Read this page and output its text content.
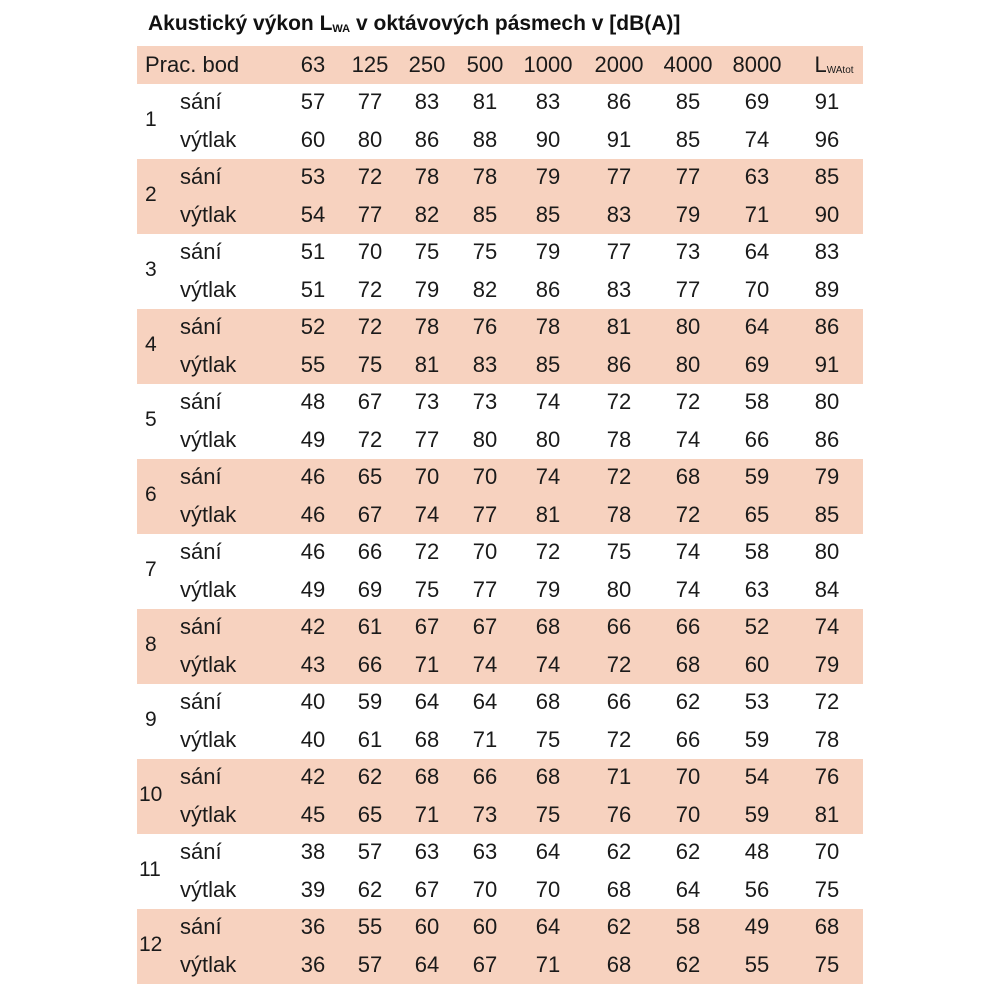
Akustický výkon LWA v oktávových pásmech v [dB(A)]
Prac. bod	63 125 250 500 1000 2000 4000 8000 LWAtot
1
sání	57 77 83 81 83 86 85 69 91
výtlak	60 80 86 88 90 91 85 74 96
2
sání	53 72 78 78 79 77 77 63 85
výtlak	54 77 82 85 85 83 79 71 90
3
sání	51 70 75 75 79 77 73 64 83
výtlak	51 72 79 82 86 83 77 70 89
4
sání	52 72 78 76 78 81 80 64 86
výtlak	55 75 81 83 85 86 80 69 91
5
sání	48 67 73 73 74 72 72 58 80
výtlak	49 72 77 80 80 78 74 66 86
6
sání	46 65 70 70 74 72 68 59 79
výtlak	46 67 74 77 81 78 72 65 85
7
sání	46 66 72 70 72 75 74 58 80
výtlak	49 69 75 77 79 80 74 63 84
8
sání	42 61 67 67 68 66 66 52 74
výtlak	43 66 71 74 74 72 68 60 79
9
sání	40 59 64 64 68 66 62 53 72
výtlak	40 61 68 71 75 72 66 59 78
10
sání	42 62 68 66 68 71 70 54 76
výtlak	45 65 71 73 75 76 70 59 81
11
sání	38 57 63 63 64 62 62 48 70
výtlak	39 62 67 70 70 68 64 56 75
12
sání	36 55 60 60 64 62 58 49 68
výtlak	36 57 64 67 71 68 62 55 75
